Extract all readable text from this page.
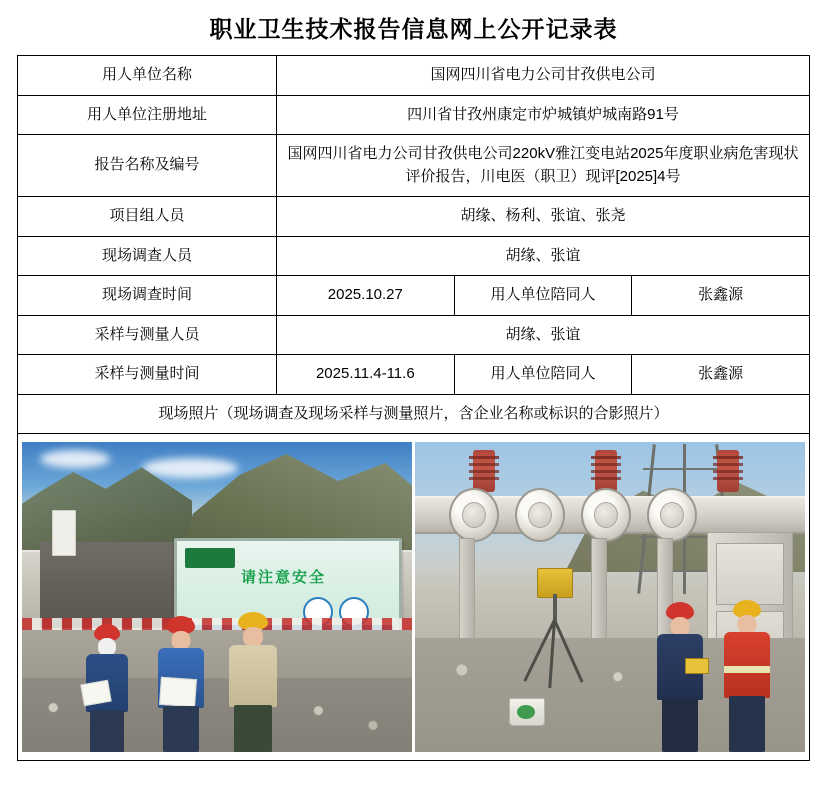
职业卫生技术报告信息网上公开记录表
用人单位名称	国网四川省电力公司甘孜供电公司		
用人单位注册地址	四川省甘孜州康定市炉城镇炉城南路91号		
报告名称及编号	国网四川省电力公司甘孜供电公司220kV雅江变电站2025年度职业病危害现状评价报告，川电医（职卫）现评[2025]4号		
项目组人员	胡缘、杨利、张谊、张尧		
现场调查人员	胡缘、张谊		
现场调查时间	2025.10.27	用人单位陪同人	张鑫源
采样与测量人员	胡缘、张谊		
采样与测量时间	2025.11.4-11.6	用人单位陪同人	张鑫源
现场照片（现场调查及现场采样与测量照片，含企业名称或标识的合影照片）			

请注意安全			
